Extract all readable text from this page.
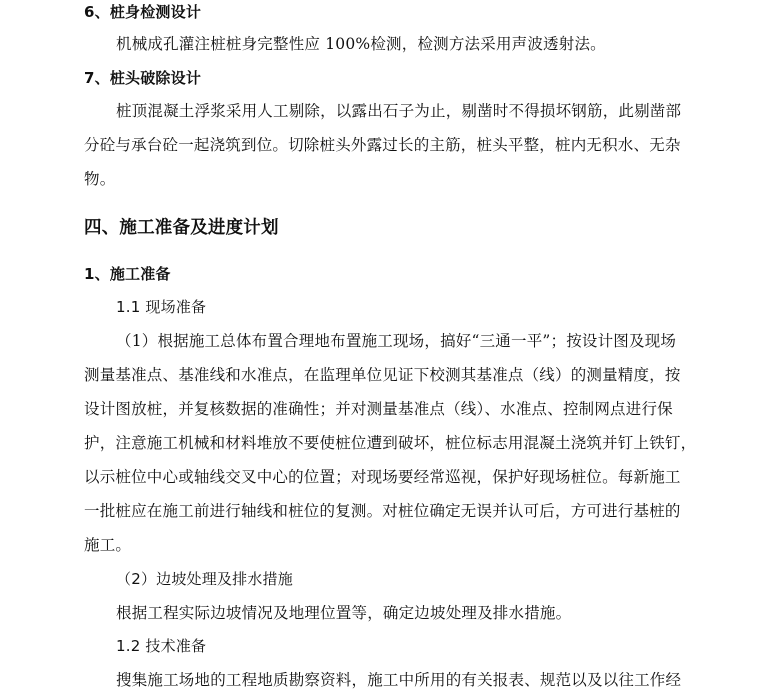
6、桩身检测设计
机械成孔灌注桩桩身完整性应 100%检测，检测方法采用声波透射法。
7、桩头破除设计
桩顶混凝土浮浆采用人工剔除，以露出石子为止，剔凿时不得损坏钢筋，此剔凿部
分砼与承台砼一起浇筑到位。切除桩头外露过长的主筋，桩头平整，桩内无积水、无杂
物。
四、施工准备及进度计划
1、施工准备
1.1 现场准备
（1）根据施工总体布置合理地布置施工现场，搞好“三通一平”；按设计图及现场
测量基准点、基准线和水准点，在监理单位见证下校测其基准点（线）的测量精度，按
设计图放桩，并复核数据的准确性；并对测量基准点（线）、水准点、控制网点进行保
护，注意施工机械和材料堆放不要使桩位遭到破坏，桩位标志用混凝土浇筑并钉上铁钉，
以示桩位中心或轴线交叉中心的位置；对现场要经常巡视，保护好现场桩位。每新施工
一批桩应在施工前进行轴线和桩位的复测。对桩位确定无误并认可后，方可进行基桩的
施工。
（2）边坡处理及排水措施
根据工程实际边坡情况及地理位置等，确定边坡处理及排水措施。
1.2 技术准备
搜集施工场地的工程地质勘察资料，施工中所用的有关报表、规范以及以往工作经
